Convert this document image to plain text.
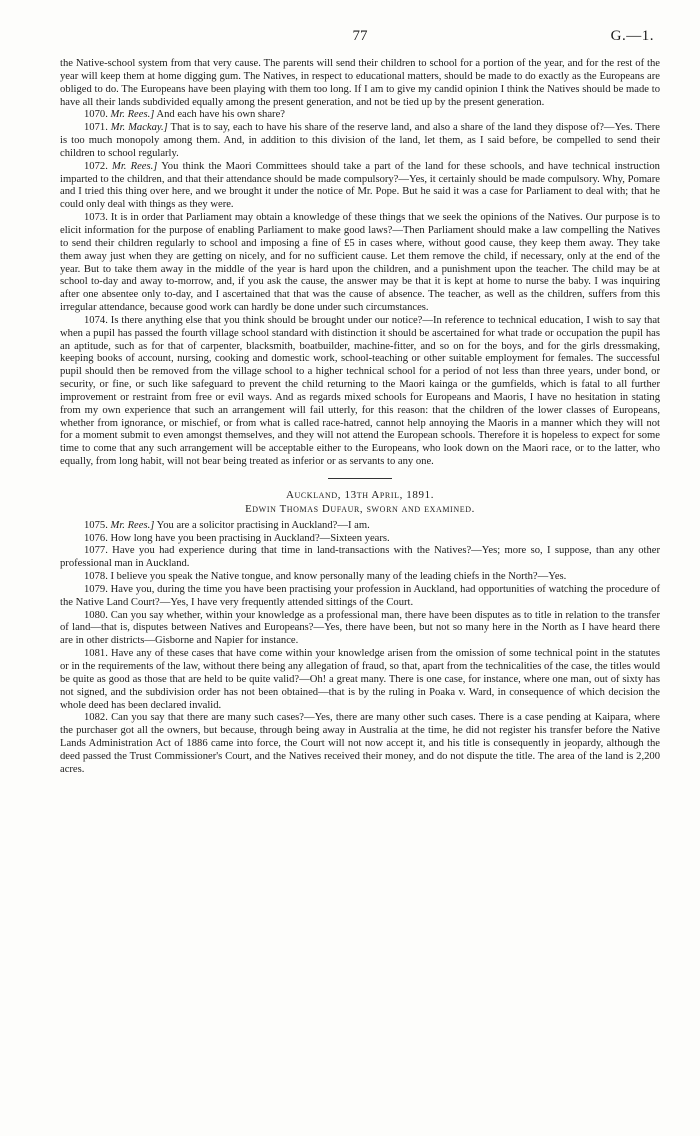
77	G.—1.

the Native-school system from that very cause. The parents will send their children to school for a portion of the year, and for the rest of the year will keep them at home digging gum. The Natives, in respect to educational matters, should be made to do exactly as the Europeans are obliged to do. The Europeans have been playing with them too long. If I am to give my candid opinion I think the Natives should be made to have all their lands subdivided equally among the present generation, and not be tied up by the present generation.

1070. Mr. Rees.] And each have his own share?

1071. Mr. Mackay.] That is to say, each to have his share of the reserve land, and also a share of the land they dispose of?—Yes. There is too much monopoly among them. And, in addition to this division of the land, let them, as I said before, be compelled to send their children to school regularly.

1072. Mr. Rees.] You think the Maori Committees should take a part of the land for these schools, and have technical instruction imparted to the children, and that their attendance should be made compulsory?—Yes, it certainly should be made compulsory. Why, Pomare and I tried this thing over here, and we brought it under the notice of Mr. Pope. But he said it was a case for Parliament to deal with; that he could only deal with things as they were.

1073. It is in order that Parliament may obtain a knowledge of these things that we seek the opinions of the Natives. Our purpose is to elicit information for the purpose of enabling Parliament to make good laws?—Then Parliament should make a law compelling the Natives to send their children regularly to school and imposing a fine of £5 in cases where, without good cause, they keep them away. They take them away just when they are getting on nicely, and for no sufficient cause. Let them remove the child, if necessary, only at the end of the year. But to take them away in the middle of the year is hard upon the children, and a punishment upon the teacher. The child may be at school to-day and away to-morrow, and, if you ask the cause, the answer may be that it is kept at home to nurse the baby. I was inquiring after one absentee only to-day, and I ascertained that that was the cause of absence. The teacher, as well as the children, suffers from this irregular attendance, because good work can hardly be done under such circumstances.

1074. Is there anything else that you think should be brought under our notice?—In reference to technical education, I wish to say that when a pupil has passed the fourth village school standard with distinction it should be ascertained for what trade or occupation the pupil has an aptitude, such as for that of carpenter, blacksmith, boatbuilder, machine-fitter, and so on for the boys, and for the girls dressmaking, keeping books of account, nursing, cooking and domestic work, school-teaching or other suitable employment for females. The successful pupil should then be removed from the village school to a higher technical school for a period of not less than three years, under bond, or security, or fine, or such like safeguard to prevent the child returning to the Maori kainga or the gumfields, which is fatal to all further improvement or restraint from free or evil ways. And as regards mixed schools for Europeans and Maoris, I have no hesitation in stating from my own experience that such an arrangement will fail utterly, for this reason: that the children of the lower classes of Europeans, whether from ignorance, or mischief, or from what is called race-hatred, cannot help annoying the Maoris in a manner which they will not for a moment submit to even amongst themselves, and they will not attend the European schools. Therefore it is hopeless to expect for some time to come that any such arrangement will be acceptable either to the Europeans, who look down on the Maori race, or to the latter, who equally, from long habit, will not bear being treated as inferior or as servants to any one.

Auckland, 13th April, 1891.
Edwin Thomas Dufaur, sworn and examined.

1075. Mr. Rees.] You are a solicitor practising in Auckland?—I am.

1076. How long have you been practising in Auckland?—Sixteen years.

1077. Have you had experience during that time in land-transactions with the Natives?—Yes; more so, I suppose, than any other professional man in Auckland.

1078. I believe you speak the Native tongue, and know personally many of the leading chiefs in the North?—Yes.

1079. Have you, during the time you have been practising your profession in Auckland, had opportunities of watching the procedure of the Native Land Court?—Yes, I have very frequently attended sittings of the Court.

1080. Can you say whether, within your knowledge as a professional man, there have been disputes as to title in relation to the transfer of land—that is, disputes between Natives and Europeans?—Yes, there have been, but not so many here in the North as I have heard there are in other districts—Gisborne and Napier for instance.

1081. Have any of these cases that have come within your knowledge arisen from the omission of some technical point in the statutes or in the requirements of the law, without there being any allegation of fraud, so that, apart from the technicalities of the case, the titles would be quite as good as those that are held to be quite valid?—Oh! a great many. There is one case, for instance, where one man, out of sixty has not signed, and the subdivision order has not been obtained—that is by the ruling in Poaka v. Ward, in consequence of which decision the whole deed has been declared invalid.

1082. Can you say that there are many such cases?—Yes, there are many other such cases. There is a case pending at Kaipara, where the purchaser got all the owners, but because, through being away in Australia at the time, he did not register his transfer before the Native Lands Administration Act of 1886 came into force, the Court will not now accept it, and his title is consequently in jeopardy, although the deed passed the Trust Commissioner's Court, and the Natives received their money, and do not dispute the title. The area of the land is 2,200 acres.
